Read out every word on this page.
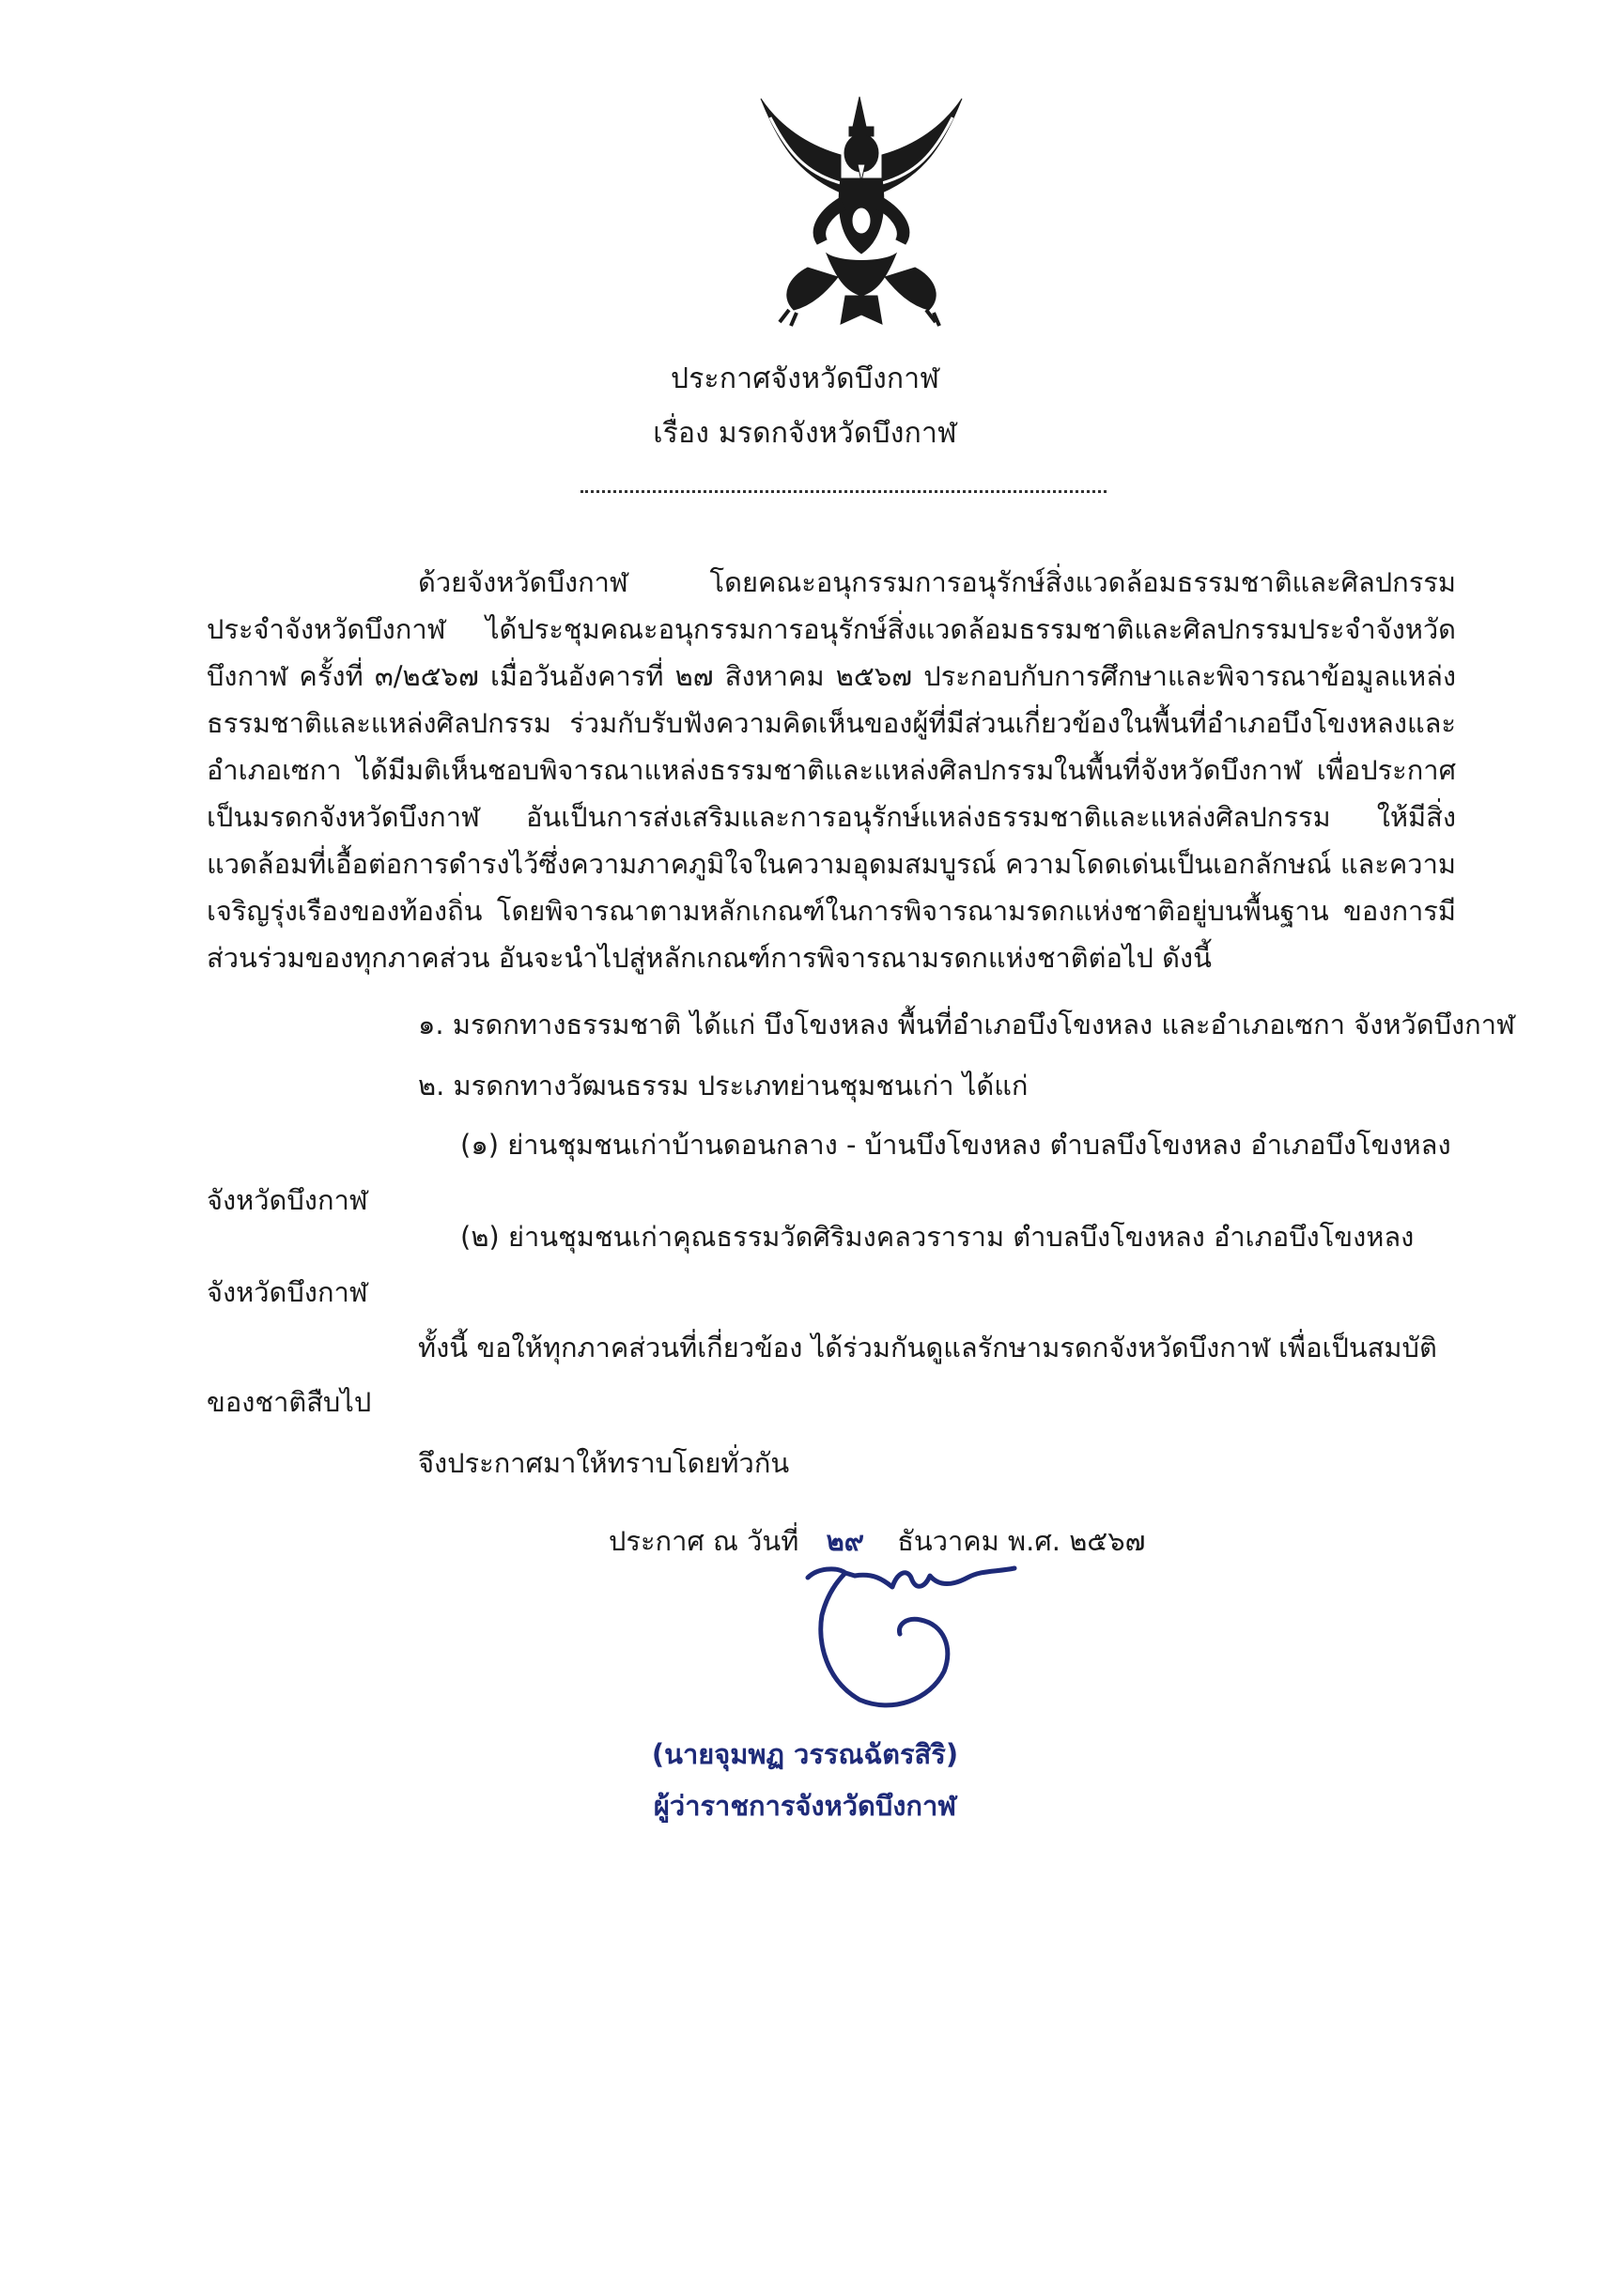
ประกาศจังหวัดบึงกาฬ
เรื่อง มรดกจังหวัดบึงกาฬ
ด้วยจังหวัดบึงกาฬ โดยคณะอนุกรรมการอนุรักษ์สิ่งแวดล้อมธรรมชาติและศิลปกรรมประจำจังหวัดบึงกาฬ ได้ประชุมคณะอนุกรรมการอนุรักษ์สิ่งแวดล้อมธรรมชาติและศิลปกรรมประจำจังหวัดบึงกาฬ ครั้งที่ ๓/๒๕๖๗ เมื่อวันอังคารที่ ๒๗ สิงหาคม ๒๕๖๗ ประกอบกับการศึกษาและพิจารณาข้อมูลแหล่งธรรมชาติและแหล่งศิลปกรรม ร่วมกับรับฟังความคิดเห็นของผู้ที่มีส่วนเกี่ยวข้องในพื้นที่อำเภอบึงโขงหลงและอำเภอเซกา ได้มีมติเห็นชอบพิจารณาแหล่งธรรมชาติและแหล่งศิลปกรรมในพื้นที่จังหวัดบึงกาฬ เพื่อประกาศเป็นมรดกจังหวัดบึงกาฬ อันเป็นการส่งเสริมและการอนุรักษ์แหล่งธรรมชาติและแหล่งศิลปกรรม ให้มีสิ่งแวดล้อมที่เอื้อต่อการดำรงไว้ซึ่งความภาคภูมิใจในความอุดมสมบูรณ์ ความโดดเด่นเป็นเอกลักษณ์ และความเจริญรุ่งเรืองของท้องถิ่น โดยพิจารณาตามหลักเกณฑ์ในการพิจารณามรดกแห่งชาติอยู่บนพื้นฐาน ของการมีส่วนร่วมของทุกภาคส่วน อันจะนำไปสู่หลักเกณฑ์การพิจารณามรดกแห่งชาติต่อไป ดังนี้
๑. มรดกทางธรรมชาติ ได้แก่ บึงโขงหลง พื้นที่อำเภอบึงโขงหลง และอำเภอเซกา จังหวัดบึงกาฬ
๒. มรดกทางวัฒนธรรม ประเภทย่านชุมชนเก่า ได้แก่
(๑) ย่านชุมชนเก่าบ้านดอนกลาง - บ้านบึงโขงหลง ตำบลบึงโขงหลง อำเภอบึงโขงหลง
จังหวัดบึงกาฬ
(๒) ย่านชุมชนเก่าคุณธรรมวัดศิริมงคลวราราม ตำบลบึงโขงหลง อำเภอบึงโขงหลง
จังหวัดบึงกาฬ
ทั้งนี้ ขอให้ทุกภาคส่วนที่เกี่ยวข้อง ได้ร่วมกันดูแลรักษามรดกจังหวัดบึงกาฬ เพื่อเป็นสมบัติ
ของชาติสืบไป
จึงประกาศมาให้ทราบโดยทั่วกัน
ประกาศ ณ วันที่ ๒๙ ธันวาคม พ.ศ. ๒๕๖๗
(นายจุมพฏ วรรณฉัตรสิริ)
ผู้ว่าราชการจังหวัดบึงกาฬ
